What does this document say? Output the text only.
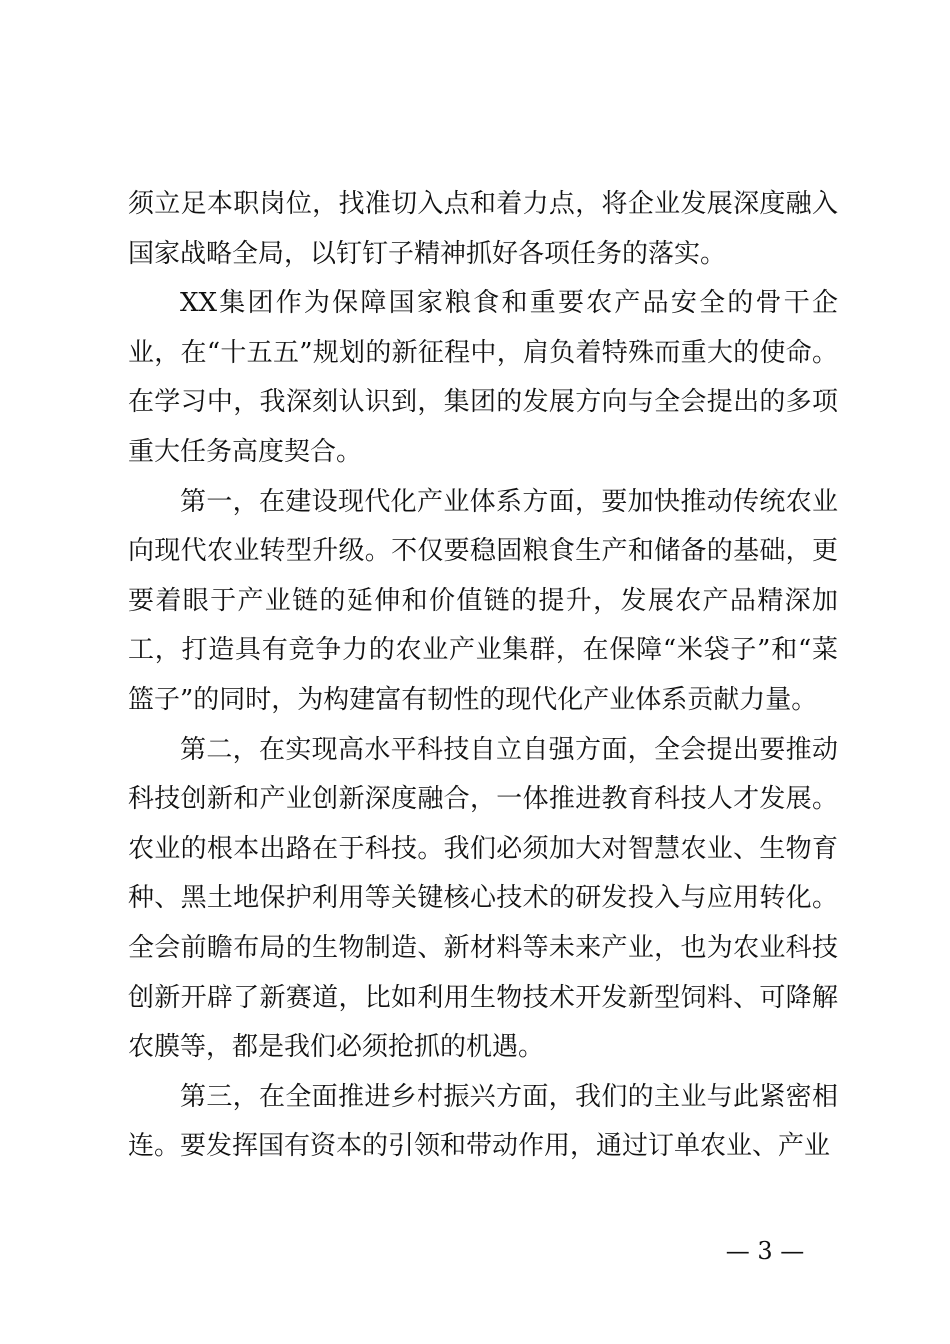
须立足本职岗位，找准切入点和着力点，将企业发展深度融入国家战略全局，以钉钉子精神抓好各项任务的落实。

XX集团作为保障国家粮食和重要农产品安全的骨干企业，在“十五五”规划的新征程中，肩负着特殊而重大的使命。在学习中，我深刻认识到，集团的发展方向与全会提出的多项重大任务高度契合。

第一，在建设现代化产业体系方面，要加快推动传统农业向现代农业转型升级。不仅要稳固粮食生产和储备的基础，更要着眼于产业链的延伸和价值链的提升，发展农产品精深加工，打造具有竞争力的农业产业集群，在保障“米袋子”和“菜篮子”的同时，为构建富有韧性的现代化产业体系贡献力量。

第二，在实现高水平科技自立自强方面，全会提出要推动科技创新和产业创新深度融合，一体推进教育科技人才发展。农业的根本出路在于科技。我们必须加大对智慧农业、生物育种、黑土地保护利用等关键核心技术的研发投入与应用转化。全会前瞻布局的生物制造、新材料等未来产业，也为农业科技创新开辟了新赛道，比如利用生物技术开发新型饲料、可降解农膜等，都是我们必须抢抓的机遇。

第三，在全面推进乡村振兴方面，我们的主业与此紧密相连。要发挥国有资本的引领和带动作用，通过订单农业、产业

— 3 —
